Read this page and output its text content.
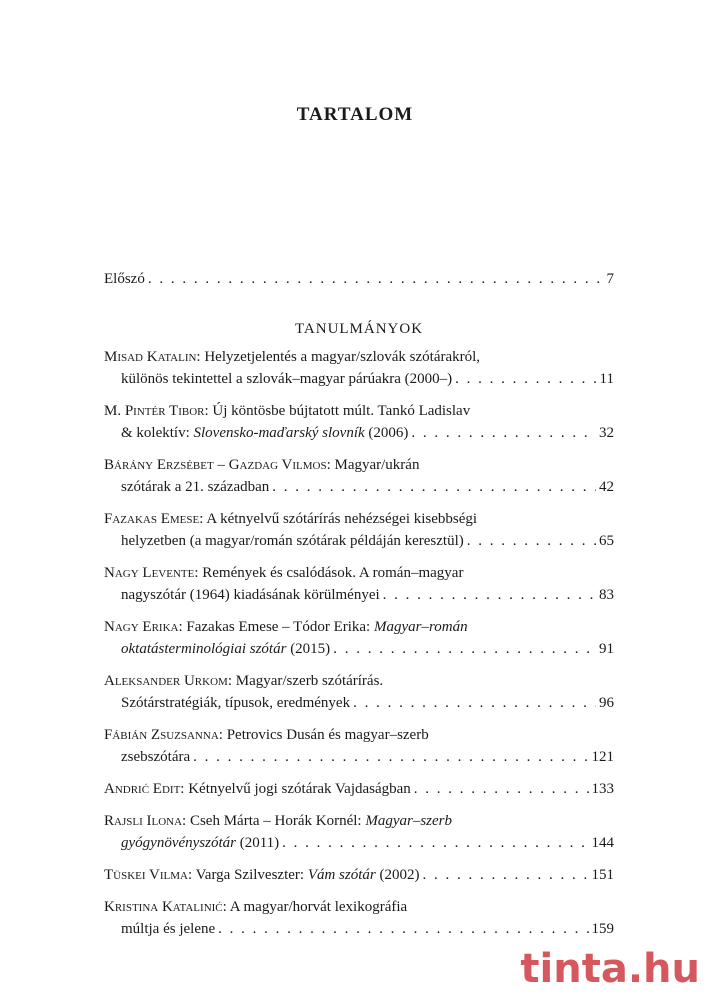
TARTALOM
Előszó . . .	7
TANULMÁNYOK
Misad Katalin: Helyzetjelentés a magyar/szlovák szótárakról,
különös tekintettel a szlovák–magyar párúakra (2000–) . . .	11
M. Pintér Tibor: Új köntösbe bújtatott múlt. Tankó Ladislav
& kolektív: Slovensko-maďarský slovník (2006) . . .	32
Bárány Erzsébet – Gazdag Vilmos: Magyar/ukrán
szótárak a 21. században . . .	42
Fazakas Emese: A kétnyelvű szótárírás nehézségei kisebbségi
helyzetben (a magyar/román szótárak példáján keresztül) . . .	65
Nagy Levente: Remények és csalódások. A román–magyar
nagyszótár (1964) kiadásának körülményei . . .	83
Nagy Erika: Fazakas Emese – Tódor Erika: Magyar–román
oktatásterminológiai szótár (2015) . . .	91
Aleksander Urkom: Magyar/szerb szótárírás.
Szótárstratégiák, típusok, eredmények . . .	96
Fábián Zsuzsanna: Petrovics Dusán és magyar–szerb
zsebszótára . . .	121
Andrić Edit: Kétnyelvű jogi szótárak Vajdaságban . . .	133
Rajsli Ilona: Cseh Márta – Horák Kornél: Magyar–szerb
gyógynövényszótár (2011) . . .	144
Tüskei Vilma: Varga Szilveszter: Vám szótár (2002) . . .	151
Kristina Katalinić: A magyar/horvát lexikográfia
múltja és jelene . . .	159
tinta.hu
